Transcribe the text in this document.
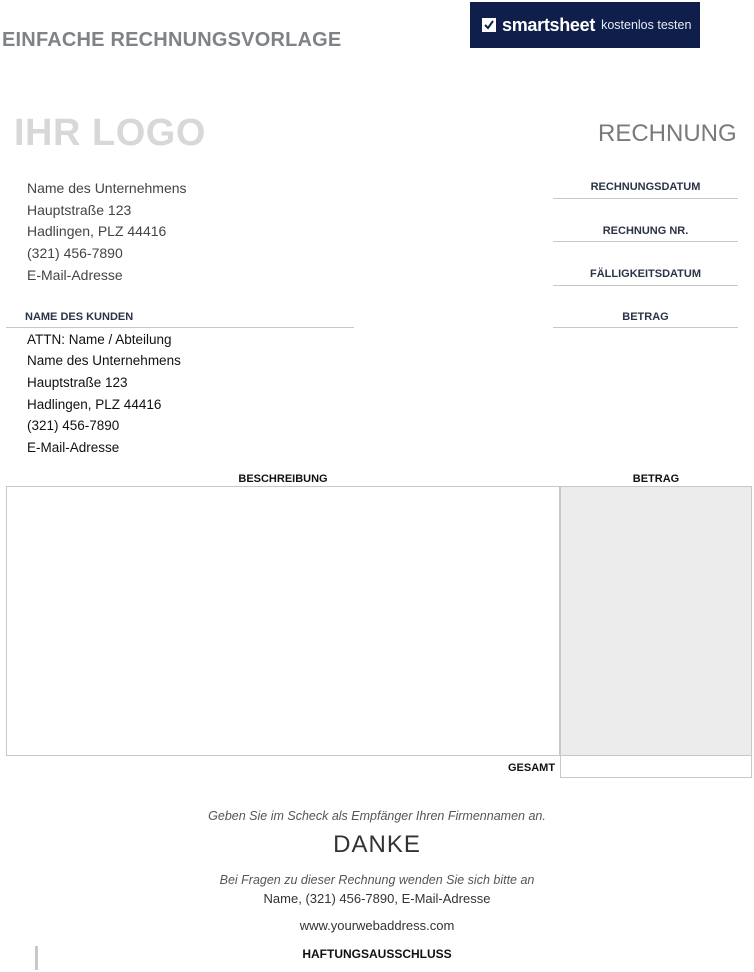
EINFACHE RECHNUNGSVORLAGE
smartsheet kostenlos testen
IHR LOGO	RECHNUNG
Name des Unternehmens
Hauptstraße 123
Hadlingen, PLZ 44416
(321) 456-7890
E-Mail-Adresse
RECHNUNGSDATUM
RECHNUNG NR.
FÄLLIGKEITSDATUM
BETRAG
NAME DES KUNDEN
ATTN: Name / Abteilung
Name des Unternehmens
Hauptstraße 123
Hadlingen, PLZ 44416
(321) 456-7890
E-Mail-Adresse
BESCHREIBUNG	BETRAG
GESAMT
Geben Sie im Scheck als Empfänger Ihren Firmennamen an.
DANKE
Bei Fragen zu dieser Rechnung wenden Sie sich bitte an
Name, (321) 456-7890, E-Mail-Adresse
www.yourwebaddress.com
HAFTUNGSAUSSCHLUSS
